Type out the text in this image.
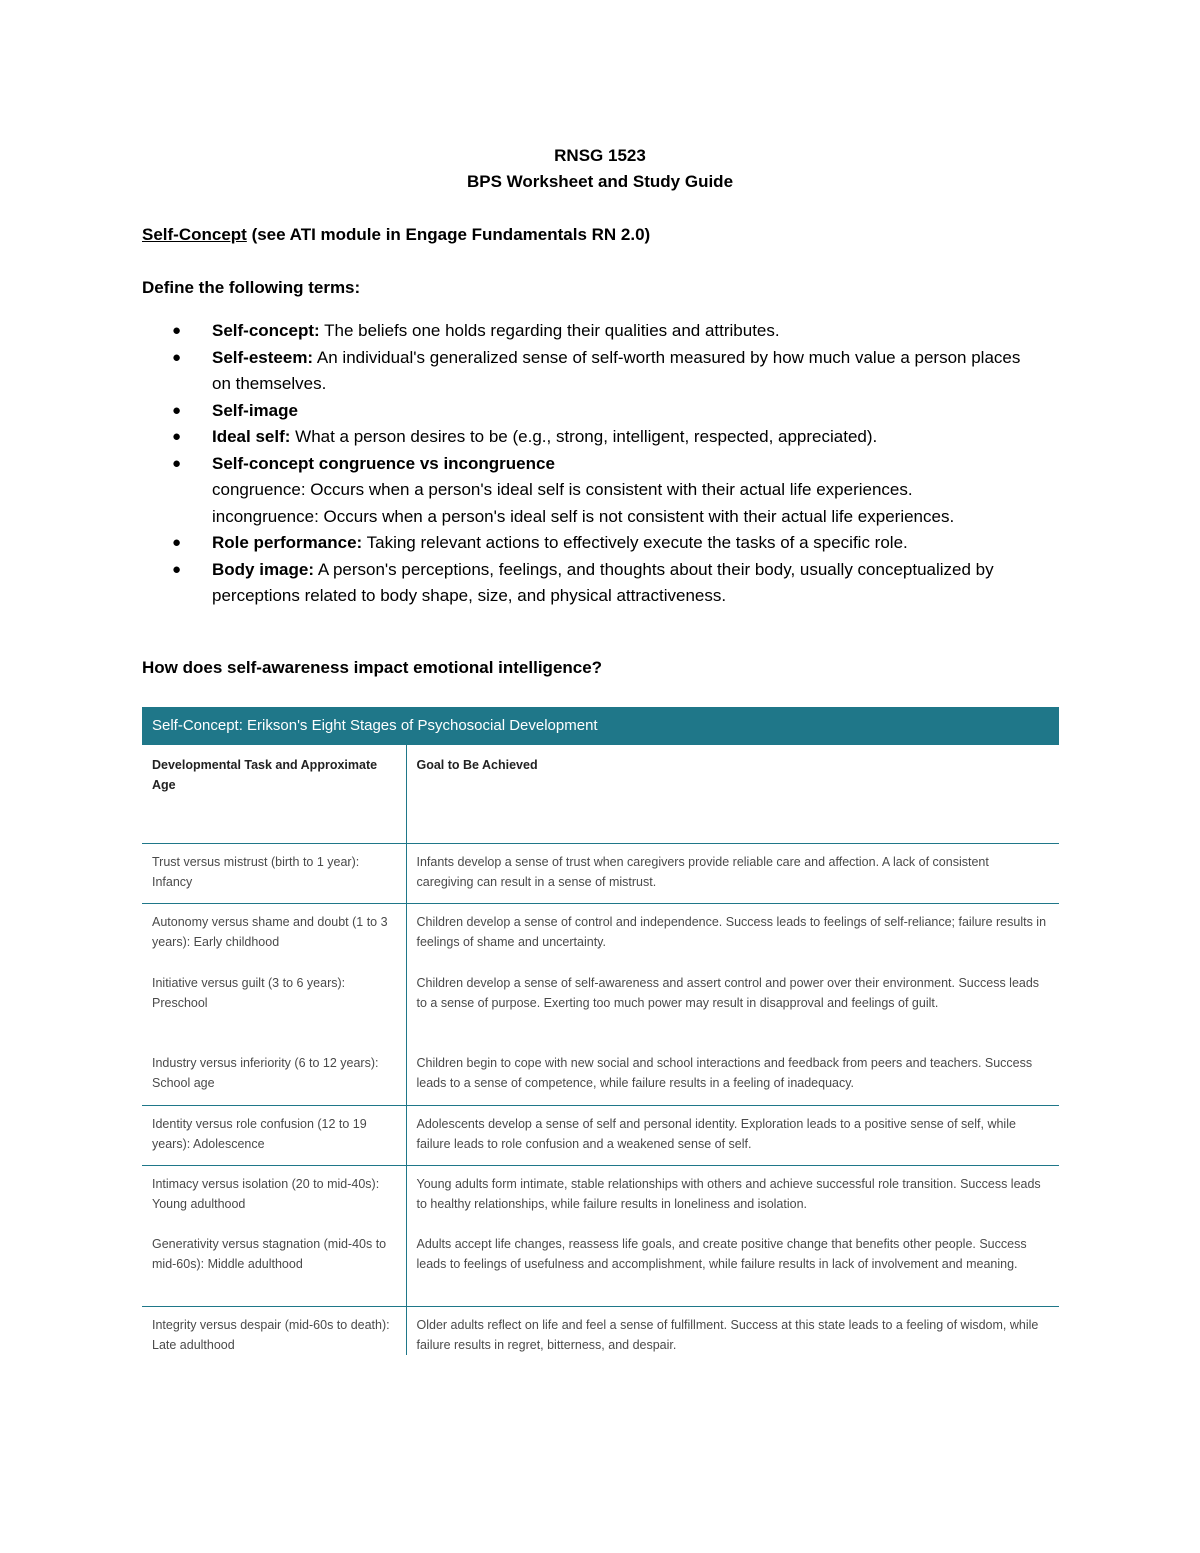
RNSG 1523
BPS Worksheet and Study Guide
Self-Concept (see ATI module in Engage Fundamentals RN 2.0)
Define the following terms:
● Self-concept: The beliefs one holds regarding their qualities and attributes.
● Self-esteem: An individual's generalized sense of self-worth measured by how much value a person places on themselves.
● Self-image
● Ideal self: What a person desires to be (e.g., strong, intelligent, respected, appreciated).
● Self-concept congruence vs incongruence
congruence: Occurs when a person's ideal self is consistent with their actual life experiences.
incongruence: Occurs when a person's ideal self is not consistent with their actual life experiences.
● Role performance: Taking relevant actions to effectively execute the tasks of a specific role.
● Body image: A person's perceptions, feelings, and thoughts about their body, usually conceptualized by perceptions related to body shape, size, and physical attractiveness.
How does self-awareness impact emotional intelligence?
Self-Concept: Erikson's Eight Stages of Psychosocial Development
Developmental Task and Approximate Age	Goal to Be Achieved
Trust versus mistrust (birth to 1 year): Infancy	Infants develop a sense of trust when caregivers provide reliable care and affection. A lack of consistent caregiving can result in a sense of mistrust.
Autonomy versus shame and doubt (1 to 3 years): Early childhood	Children develop a sense of control and independence. Success leads to feelings of self-reliance; failure results in feelings of shame and uncertainty.
Initiative versus guilt (3 to 6 years): Preschool	Children develop a sense of self-awareness and assert control and power over their environment. Success leads to a sense of purpose. Exerting too much power may result in disapproval and feelings of guilt.
Industry versus inferiority (6 to 12 years): School age	Children begin to cope with new social and school interactions and feedback from peers and teachers. Success leads to a sense of competence, while failure results in a feeling of inadequacy.
Identity versus role confusion (12 to 19 years): Adolescence	Adolescents develop a sense of self and personal identity. Exploration leads to a positive sense of self, while failure leads to role confusion and a weakened sense of self.
Intimacy versus isolation (20 to mid-40s): Young adulthood	Young adults form intimate, stable relationships with others and achieve successful role transition. Success leads to healthy relationships, while failure results in loneliness and isolation.
Generativity versus stagnation (mid-40s to mid-60s): Middle adulthood	Adults accept life changes, reassess life goals, and create positive change that benefits other people. Success leads to feelings of usefulness and accomplishment, while failure results in lack of involvement and meaning.
Integrity versus despair (mid-60s to death): Late adulthood	Older adults reflect on life and feel a sense of fulfillment. Success at this state leads to a feeling of wisdom, while failure results in regret, bitterness, and despair.
